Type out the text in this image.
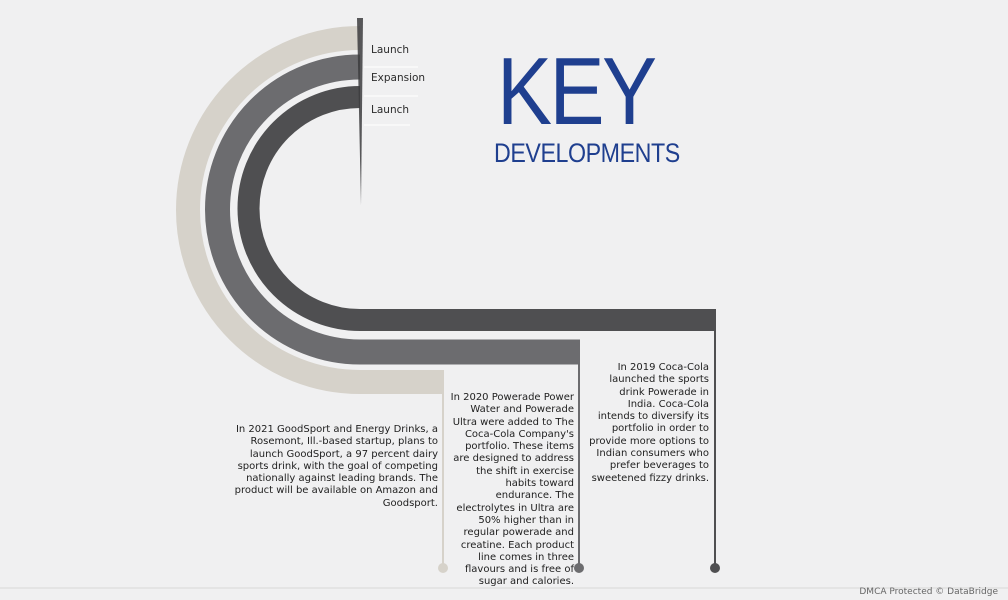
Launch
Expansion
Launch KEY
DEVELOPMENTS
In 2021 GoodSport and Energy Drinks, a Rosemont, Ill.-based startup, plans to launch GoodSport, a 97 percent dairy sports drink, with the goal of competing nationally against leading brands. The product will be available on Amazon and Goodsport.
In 2020 Powerade Power Water and Powerade Ultra were added to The Coca-Cola Company's portfolio. These items are designed to address the shift in exercise habits toward endurance. The electrolytes in Ultra are 50% higher than in regular powerade and creatine. Each product line comes in three flavours and is free of sugar and calories.
In 2019 Coca-Cola launched the sports drink Powerade in India. Coca-Cola intends to diversify its portfolio in order to provide more options to Indian consumers who prefer beverages to sweetened fizzy drinks.
DMCA Protected © DataBridge
